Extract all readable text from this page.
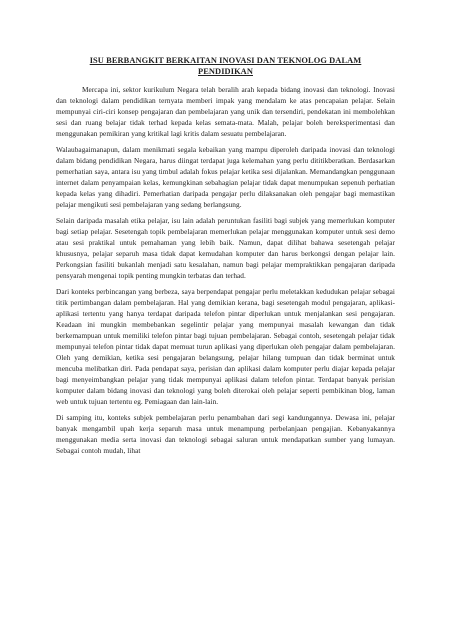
ISU BERBANGKIT BERKAITAN INOVASI DAN TEKNOLOG DALAM PENDIDIKAN

Mercapa ini, sektor kurikulum Negara telah beralih arah kepada bidang inovasi dan teknologi. Inovasi dan teknologi dalam pendidikan ternyata memberi impak yang mendalam ke atas pencapaian pelajar. Selain mempunyai ciri-ciri konsep pengajaran dan pembelajaran yang unik dan tersendiri, pendekatan ini membolehkan sesi dan ruang belajar tidak terhad kepada kelas semata-mata. Malah, pelajar boleh bereksperimentasi dan menggunakan pemikiran yang kritikal lagi kritis dalam sesuatu pembelajaran.

Walaubagaimanapun, dalam menikmati segala kebaikan yang mampu diperoleh daripada inovasi dan teknologi dalam bidang pendidikan Negara, harus diingat terdapat juga kelemahan yang perlu dititikberatkan. Berdasarkan pemerhatian saya, antara isu yang timbul adalah fokus pelajar ketika sesi dijalankan. Memandangkan penggunaan internet dalam penyampaian kelas, kemungkinan sebahagian pelajar tidak dapat menumpukan sepenuh perhatian kepada kelas yang dihadiri. Pemerhatian daripada pengajar perlu dilaksanakan oleh pengajar bagi memastikan pelajar mengikuti sesi pembelajaran yang sedang berlangsung.

Selain daripada masalah etika pelajar, isu lain adalah peruntukan fasiliti bagi subjek yang memerlukan komputer bagi setiap pelajar. Sesetengah topik pembelajaran memerlukan pelajar menggunakan komputer untuk sesi demo atau sesi praktikal untuk pemahaman yang lebih baik. Namun, dapat dilihat bahawa sesetengah pelajar khususnya, pelajar separuh masa tidak dapat kemudahan komputer dan harus berkongsi dengan pelajar lain. Perkongsian fasiliti bukanlah menjadi satu kesalahan, namun bagi pelajar mempraktikkan pengajaran daripada pensyarah mengenai topik penting mungkin terbatas dan terhad.

Dari konteks perbincangan yang berbeza, saya berpendapat pengajar perlu meletakkan kedudukan pelajar sebagai titik pertimbangan dalam pembelajaran. Hal yang demikian kerana, bagi sesetengah modul pengajaran, aplikasi-aplikasi tertentu yang hanya terdapat daripada telefon pintar diperlukan untuk menjalankan sesi pengajaran. Keadaan ini mungkin membebankan segelintir pelajar yang mempunyai masalah kewangan dan tidak berkemampuan untuk memiliki telefon pintar bagi tujuan pembelajaran. Sebagai contoh, sesetengah pelajar tidak mempunyai telefon pintar tidak dapat memuat turun aplikasi yang diperlukan oleh pengajar dalam pembelajaran. Oleh yang demikian, ketika sesi pengajaran belangsung, pelajar hilang tumpuan dan tidak berminat untuk mencuba melibatkan diri. Pada pendapat saya, perisian dan aplikasi dalam komputer perlu diajar kepada pelajar bagi menyeimbangkan pelajar yang tidak mempunyai aplikasi dalam telefon pintar. Terdapat banyak perisian komputer dalam bidang inovasi dan teknologi yang boleh diterokai oleh pelajar seperti pembikinan blog, laman web untuk tujuan tertentu eg. Pemiagaan dan lain-lain.

Di samping itu, konteks subjek pembelajaran perlu penambahan dari segi kandungannya. Dewasa ini, pelajar banyak mengambil upah kerja separuh masa untuk menampung perbelanjaan pengajian. Kebanyakannya menggunakan media serta inovasi dan teknologi sebagai saluran untuk mendapatkan sumber yang lumayan. Sebagai contoh mudah, lihat
